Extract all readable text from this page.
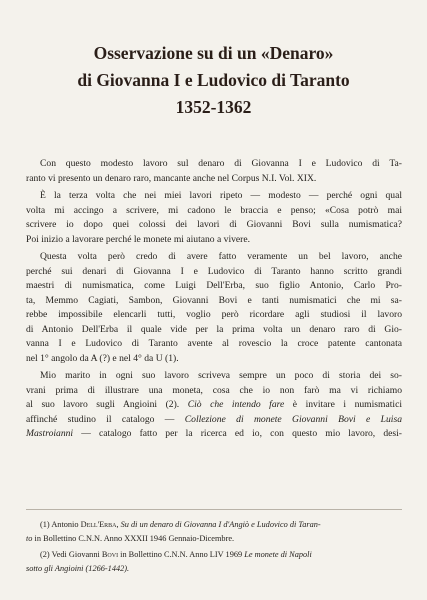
Osservazione su di un «Denaro»
di Giovanna I e Ludovico di Taranto
1352-1362

Con questo modesto lavoro sul denaro di Giovanna I e Ludovico di Ta-
ranto vi presento un denaro raro, mancante anche nel Corpus N.I. Vol. XIX.

È la terza volta che nei miei lavori ripeto — modesto — perché ogni qual
volta mi accingo a scrivere, mi cadono le braccia e penso; «Cosa potrò mai
scrivere io dopo quei colossi dei lavori di Giovanni Bovi sulla numismatica?
Poi inizio a lavorare perché le monete mi aiutano a vivere.

Questa volta però credo di avere fatto veramente un bel lavoro, anche
perché sui denari di Giovanna I e Ludovico di Taranto hanno scritto grandi
maestri di numismatica, come Luigi Dell'Erba, suo figlio Antonio, Carlo Pro-
ta, Memmo Cagiati, Sambon, Giovanni Bovi e tanti numismatici che mi sa-
rebbe impossibile elencarli tutti, voglio però ricordare agli studiosi il lavoro
di Antonio Dell'Erba il quale vide per la prima volta un denaro raro di Gio-
vanna I e Ludovico di Taranto avente al rovescio la croce patente cantonata
nel 1° angolo da A (?) e nel 4° da U (1).

Mio marito in ogni suo lavoro scriveva sempre un poco di storia dei so-
vrani prima di illustrare una moneta, cosa che io non farò ma vi richiamo
al suo lavoro sugli Angioini (2). Ciò che intendo fare è invitare i numismatici
affinché studino il catalogo — Collezione di monete Giovanni Bovi e Luisa
Mastroianni — catalogo fatto per la ricerca ed io, con questo mio lavoro, desi-

(1) Antonio Dell'Erba, Su di un denaro di Giovanna I d'Angiò e Ludovico di Taran-
to in Bollettino C.N.N. Anno XXXII 1946 Gennaio-Dicembre.

(2) Vedi Giovanni Bovi in Bollettino C.N.N. Anno LIV 1969 Le monete di Napoli
sotto gli Angioini (1266-1442).
